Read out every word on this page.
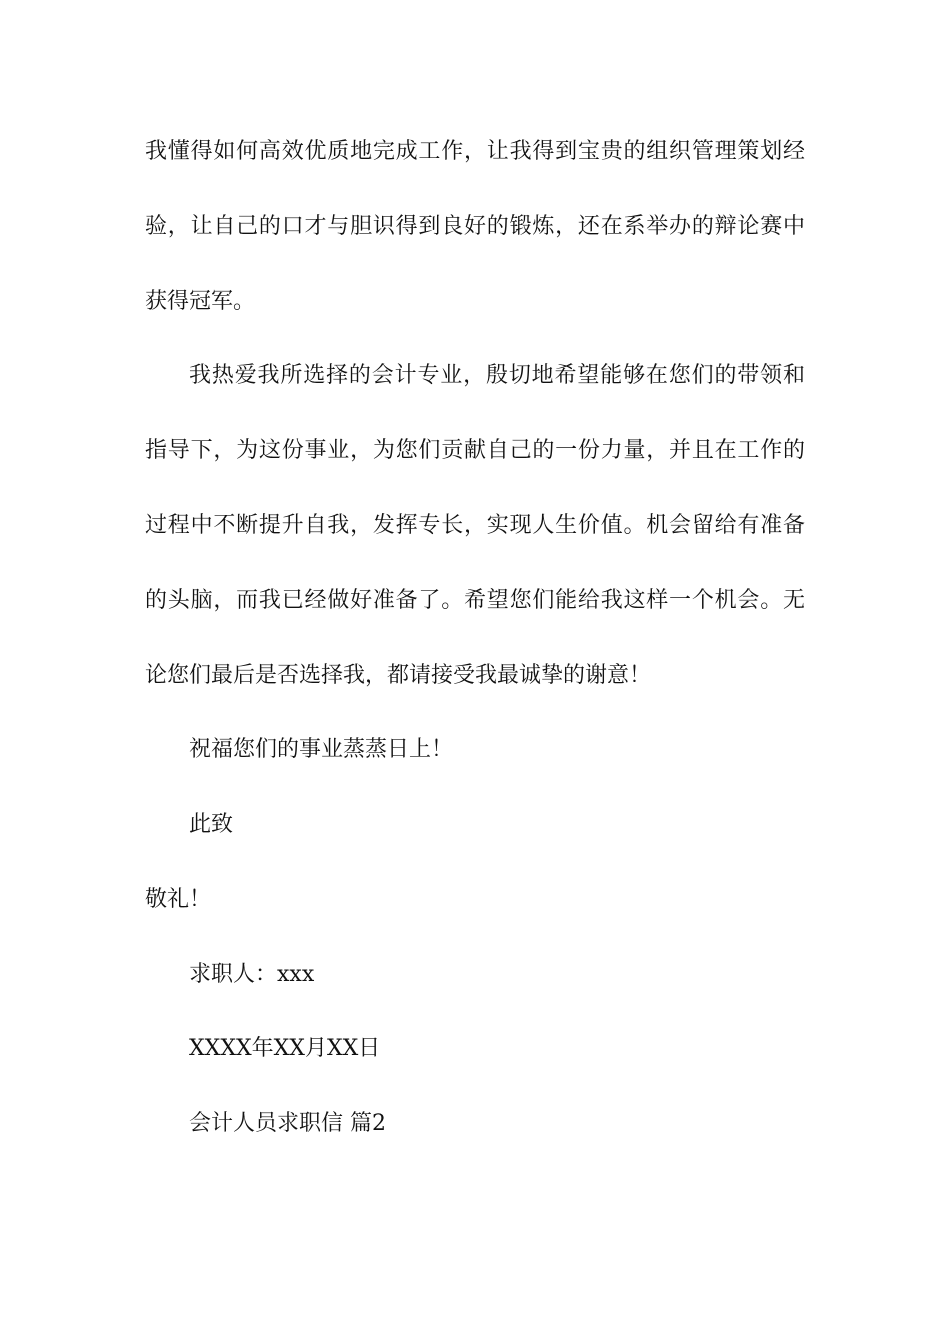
我懂得如何高效优质地完成工作，让我得到宝贵的组织管理策划经
验，让自己的口才与胆识得到良好的锻炼，还在系举办的辩论赛中
获得冠军。
我热爱我所选择的会计专业，殷切地希望能够在您们的带领和
指导下，为这份事业，为您们贡献自己的一份力量，并且在工作的
过程中不断提升自我，发挥专长，实现人生价值。机会留给有准备
的头脑，而我已经做好准备了。希望您们能给我这样一个机会。无
论您们最后是否选择我，都请接受我最诚挚的谢意！
祝福您们的事业蒸蒸日上！
此致
敬礼！
求职人：xxx
XXXX年XX月XX日
会计人员求职信 篇2
